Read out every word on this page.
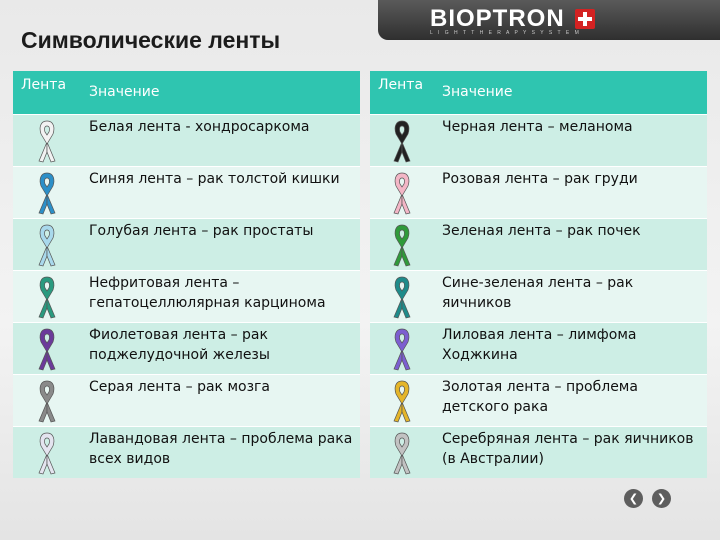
BIOPTRON
L I G H T T H E R A P Y S Y S T E M
Символические ленты
Лента	Значение

	Белая лента - хондросаркома

	Синяя лента – рак толстой кишки

	Голубая лента – рак простаты

	Нефритовая лента – гепатоцеллюлярная карцинома

	Фиолетовая лента – рак поджелудочной железы

	Серая лента – рак мозга

	Лавандовая лента – проблема рака всех видов
Лента	Значение

	Черная лента – меланома

	Розовая лента – рак груди

	Зеленая лента – рак почек

	Сине-зеленая лента – рак яичников

	Лиловая лента – лимфома Ходжкина

	Золотая лента – проблема детского рака

	Серебряная лента – рак яичников (в Австралии)
❮	❯
